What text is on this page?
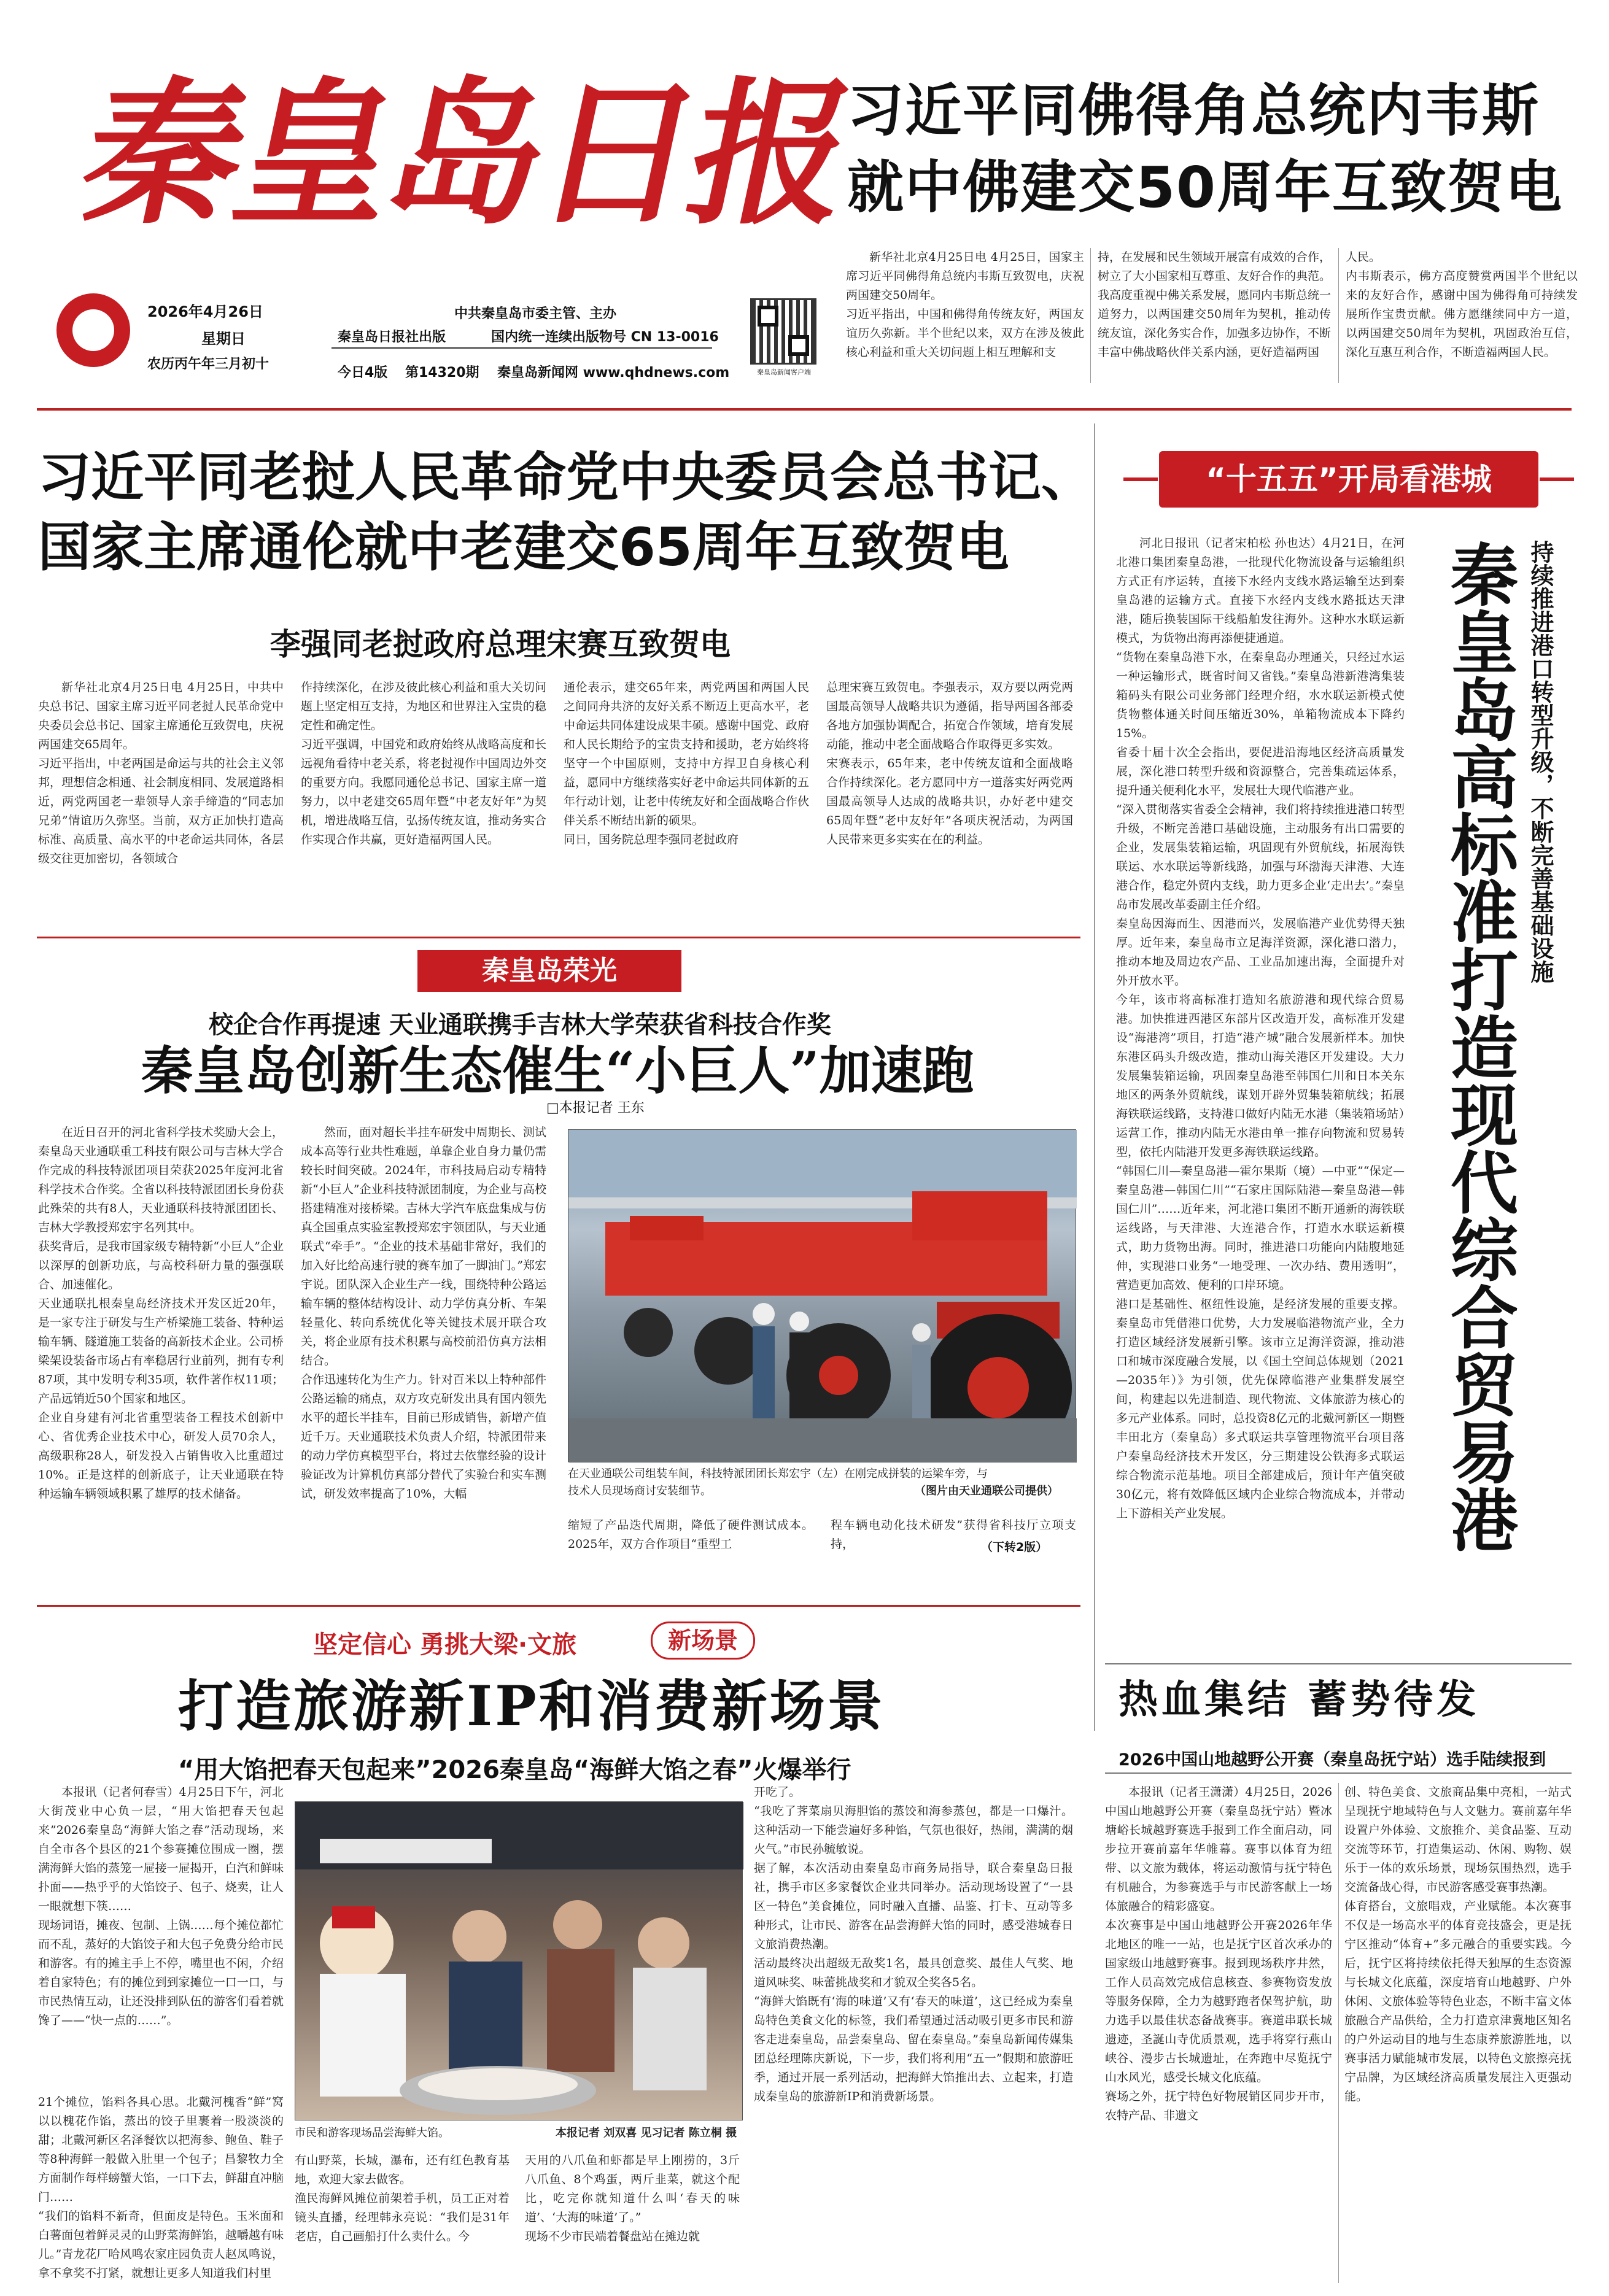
秦皇岛日报
习近平同佛得角总统内韦斯就中佛建交50周年互致贺电
2026年4月26日
星期日
农历丙午年三月初十
中共秦皇岛市委主管、主办
秦皇岛日报社出版	国内统一连续出版物号 CN 13-0016
今日4版 第14320期 秦皇岛新闻网 www.qhdnews.com	秦皇岛新闻客户端
新华社北京4月25日电 4月25日，国家主席习近平同佛得角总统内韦斯互致贺电，庆祝两国建交50周年。
习近平指出，中国和佛得角传统友好，两国友谊历久弥新。半个世纪以来，双方在涉及彼此核心利益和重大关切问题上相互理解和支
持，在发展和民生领域开展富有成效的合作，树立了大小国家相互尊重、友好合作的典范。我高度重视中佛关系发展，愿同内韦斯总统一道努力，以两国建交50周年为契机，推动传统友谊，深化务实合作，加强多边协作，不断丰富中佛战略伙伴关系内涵，更好造福两国
人民。
内韦斯表示，佛方高度赞赏两国半个世纪以来的友好合作，感谢中国为佛得角可持续发展所作宝贵贡献。佛方愿继续同中方一道，以两国建交50周年为契机，巩固政治互信，深化互惠互利合作，不断造福两国人民。
习近平同老挝人民革命党中央委员会总书记、
国家主席通伦就中老建交65周年互致贺电
李强同老挝政府总理宋赛互致贺电
新华社北京4月25日电 4月25日，中共中央总书记、国家主席习近平同老挝人民革命党中央委员会总书记、国家主席通伦互致贺电，庆祝两国建交65周年。
习近平指出，中老两国是命运与共的社会主义邻邦，理想信念相通、社会制度相同、发展道路相近，两党两国老一辈领导人亲手缔造的“同志加兄弟”情谊历久弥坚。当前，双方正加快打造高标准、高质量、高水平的中老命运共同体，各层级交往更加密切，各领域合
作持续深化，在涉及彼此核心利益和重大关切问题上坚定相互支持，为地区和世界注入宝贵的稳定性和确定性。
习近平强调，中国党和政府始终从战略高度和长远视角看待中老关系，将老挝视作中国周边外交的重要方向。我愿同通伦总书记、国家主席一道努力，以中老建交65周年暨“中老友好年”为契机，增进战略互信，弘扬传统友谊，推动务实合作实现合作共赢，更好造福两国人民。
通伦表示，建交65年来，两党两国和两国人民之间同舟共济的友好关系不断迈上更高水平，老中命运共同体建设成果丰硕。感谢中国党、政府和人民长期给予的宝贵支持和援助，老方始终将坚守一个中国原则，支持中方捍卫自身核心利益，愿同中方继续落实好老中命运共同体新的五年行动计划，让老中传统友好和全面战略合作伙伴关系不断结出新的硕果。
同日，国务院总理李强同老挝政府
总理宋赛互致贺电。李强表示，双方要以两党两国最高领导人战略共识为遵循，指导两国各部委各地方加强协调配合，拓宽合作领域，培育发展动能，推动中老全面战略合作取得更多实效。
宋赛表示，65年来，老中传统友谊和全面战略合作持续深化。老方愿同中方一道落实好两党两国最高领导人达成的战略共识，办好老中建交65周年暨“老中友好年”各项庆祝活动，为两国人民带来更多实实在在的利益。
秦皇岛荣光
校企合作再提速 天业通联携手吉林大学荣获省科技合作奖
秦皇岛创新生态催生“小巨人”加速跑
□本报记者 王东
在近日召开的河北省科学技术奖励大会上，秦皇岛天业通联重工科技有限公司与吉林大学合作完成的科技特派团项目荣获2025年度河北省科学技术合作奖。全省以科技特派团团长身份获此殊荣的共有8人，天业通联科技特派团团长、吉林大学教授郑宏宇名列其中。
获奖背后，是我市国家级专精特新“小巨人”企业以深厚的创新功底，与高校科研力量的强强联合、加速催化。
天业通联扎根秦皇岛经济技术开发区近20年，是一家专注于研发与生产桥梁施工装备、特种运输车辆、隧道施工装备的高新技术企业。公司桥梁架设装备市场占有率稳居行业前列，拥有专利87项，其中发明专利35项，软件著作权11项；产品远销近50个国家和地区。
企业自身建有河北省重型装备工程技术创新中心、省优秀企业技术中心，研发人员70余人，高级职称28人，研发投入占销售收入比重超过10%。正是这样的创新底子，让天业通联在特种运输车辆领域积累了雄厚的技术储备。
然而，面对超长半挂车研发中周期长、测试成本高等行业共性难题，单靠企业自身力量仍需较长时间突破。2024年，市科技局启动专精特新“小巨人”企业科技特派团制度，为企业与高校搭建精准对接桥梁。吉林大学汽车底盘集成与仿真全国重点实验室教授郑宏宇领团队，与天业通联式“牵手”。“企业的技术基础非常好，我们的加入好比给高速行驶的赛车加了一脚油门。”郑宏宇说。团队深入企业生产一线，围绕特种公路运输车辆的整体结构设计、动力学仿真分析、车架轻量化、转向系统优化等关键技术展开联合攻关，将企业原有技术积累与高校前沿仿真方法相结合。
合作迅速转化为生产力。针对百米以上特种部件公路运输的痛点，双方攻克研发出具有国内领先水平的超长半挂车，目前已形成销售，新增产值近千万。天业通联技术负责人介绍，特派团带来的动力学仿真模型平台，将过去依靠经验的设计验证改为计算机仿真部分替代了实验台和实车测试，研发效率提高了10%，大幅
在天业通联公司组装车间，科技特派团团长郑宏宇（左）在刚完成拼装的运梁车旁，与技术人员现场商讨安装细节。	（图片由天业通联公司提供）
缩短了产品迭代周期，降低了硬件测试成本。2025年，双方合作项目“重型工
程车辆电动化技术研发”获得省科技厅立项支持，	（下转2版）
“十五五”开局看港城
河北日报讯（记者宋柏松 孙也达）4月21日，在河北港口集团秦皇岛港，一批现代化物流设备与运输组织方式正有序运转，直接下水经内支线水路运输至达到秦皇岛港的运输方式。直接下水经内支线水路抵达天津港，随后换装国际干线船舶发往海外。这种水水联运新模式，为货物出海再添便捷通道。
“货物在秦皇岛港下水，在秦皇岛办理通关，只经过水运一种运输形式，既省时间又省钱。”秦皇岛港新港湾集装箱码头有限公司业务部门经理介绍，水水联运新模式使货物整体通关时间压缩近30%，单箱物流成本下降约15%。
省委十届十次全会指出，要促进沿海地区经济高质量发展，深化港口转型升级和资源整合，完善集疏运体系，提升通关便利化水平，发展壮大现代临港产业。
“深入贯彻落实省委全会精神，我们将持续推进港口转型升级，不断完善港口基础设施，主动服务有出口需要的企业，发展集装箱运输，巩固现有外贸航线，拓展海铁联运、水水联运等新线路，加强与环渤海天津港、大连港合作，稳定外贸内支线，助力更多企业‘走出去’。”秦皇岛市发展改革委副主任介绍。
秦皇岛因海而生、因港而兴，发展临港产业优势得天独厚。近年来，秦皇岛市立足海洋资源，深化港口潜力，推动本地及周边农产品、工业品加速出海，全面提升对外开放水平。
今年，该市将高标准打造知名旅游港和现代综合贸易港。加快推进西港区东部片区改造开发，高标准开发建设“海港湾”项目，打造“港产城”融合发展新样本。加快东港区码头升级改造，推动山海关港区开发建设。大力发展集装箱运输，巩固秦皇岛港至韩国仁川和日本关东地区的两条外贸航线，谋划开辟外贸集装箱航线；拓展海铁联运线路，支持港口做好内陆无水港（集装箱场站）运营工作，推动内陆无水港由单一推存向物流和贸易转型，依托内陆港开发更多海铁联运线路。
“韩国仁川—秦皇岛港—霍尔果斯（境）—中亚”“保定—秦皇岛港—韩国仁川”“石家庄国际陆港—秦皇岛港—韩国仁川”……近年来，河北港口集团不断开通新的海铁联运线路，与天津港、大连港合作，打造水水联运新模式，助力货物出海。同时，推进港口功能向内陆腹地延伸，实现港口业务“一地受理、一次办结、费用透明”，营造更加高效、便利的口岸环境。
港口是基础性、枢纽性设施，是经济发展的重要支撑。秦皇岛市凭借港口优势，大力发展临港物流产业，全力打造区域经济发展新引擎。该市立足海洋资源，推动港口和城市深度融合发展，以《国土空间总体规划（2021—2035年）》为引领，优先保障临港产业集群发展空间，构建起以先进制造、现代物流、文体旅游为核心的多元产业体系。同时，总投资8亿元的北戴河新区一期暨丰田北方（秦皇岛）多式联运共享管理物流平台项目落户秦皇岛经济技术开发区，分三期建设公铁海多式联运综合物流示范基地。项目全部建成后，预计年产值突破30亿元，将有效降低区域内企业综合物流成本，并带动上下游相关产业发展。
持续推进港口转型升级，不断完善基础设施
秦皇岛高标准打造现代综合贸易港
坚定信心 勇挑大梁·文旅	新场景
打造旅游新IP和消费新场景
“用大馅把春天包起来”2026秦皇岛“海鲜大馅之春”火爆举行
本报讯（记者何春雪）4月25日下午，河北大街茂业中心负一层，“用大馅把春天包起来”2026秦皇岛“海鲜大馅之春”活动现场，来自全市各个县区的21个参赛摊位围成一圈，摆满海鲜大馅的蒸笼一屉接一屉揭开，白汽和鲜味扑面——热乎乎的大馅饺子、包子、烧卖，让人一眼就想下筷……
现场词语，摊夜、包制、上锅……每个摊位都忙而不乱，蒸好的大馅饺子和大包子免费分给市民和游客。有的摊主手上不停，嘴里也不闲，介绍着自家特色；有的摊位到到家摊位一口一口，与市民热情互动，让还没排到队伍的游客们看着就馋了——“快一点的……”。
市民和游客现场品尝海鲜大馅。	本报记者 刘双喜 见习记者 陈立桐 摄
21个摊位，馅料各具心思。北戴河槐香“鲜”窝以以槐花作馅，蒸出的饺子里裹着一股淡淡的甜；北戴河新区名泽餐饮以把海参、鲍鱼、鞋子等8种海鲜一般做入肚里一个包子；昌黎牧力全方面制作每样螃蟹大馅，一口下去，鲜甜直冲脑门……
“我们的馅料不新奇，但面皮是特色。玉米面和白薯面包着鲜灵灵的山野菜海鲜馅，越嚼越有味儿。”青龙花厂哈风鸣农家庄园负责人赵凤鸣说，拿不拿奖不打紧，就想让更多人知道我们村里
有山野菜，长城，瀑布，还有红色教育基地，欢迎大家去做客。
渔民海鲜风摊位前架着手机，员工正对着镜头直播，经理韩永亮说：“我们是31年老店，自己画船打什么卖什么。今
天用的八爪鱼和虾都是早上刚捞的，3斤八爪鱼、8个鸡蛋，两斤韭菜，就这个配比，吃完你就知道什么叫‘春天的味道’、‘大海的味道’了。”
现场不少市民端着餐盘站在摊边就
开吃了。
“我吃了荠菜扇贝海胆馅的蒸饺和海参蒸包，都是一口爆汁。这种活动一下能尝遍好多种馅，气氛也很好，热闹，满满的烟火气。”市民孙毓敏说。
据了解，本次活动由秦皇岛市商务局指导，联合秦皇岛日报社，携手市区多家餐饮企业共同举办。活动现场设置了“一县区一特色”美食摊位，同时融入直播、品鉴、打卡、互动等多种形式，让市民、游客在品尝海鲜大馅的同时，感受港城春日文旅消费热潮。
活动最终决出超级无敌奖1名，最具创意奖、最佳人气奖、地道风味奖、味蕾挑战奖和才貌双全奖各5名。
“海鲜大馅既有‘海的味道’又有‘春天的味道’，这已经成为秦皇岛特色美食文化的标签，我们希望通过活动吸引更多市民和游客走进秦皇岛，品尝秦皇岛、留在秦皇岛。”秦皇岛新闻传媒集团总经理陈庆新说，下一步，我们将利用“五一”假期和旅游旺季，通过开展一系列活动，把海鲜大馅推出去、立起来，打造成秦皇岛的旅游新IP和消费新场景。
热血集结 蓄势待发
2026中国山地越野公开赛（秦皇岛抚宁站）选手陆续报到
本报讯（记者王潇潇）4月25日，2026中国山地越野公开赛（秦皇岛抚宁站）暨冰塘峪长城越野赛选手报到工作全面启动，同步拉开赛前嘉年华帷幕。赛事以体育为纽带、以文旅为载体，将运动激情与抚宁特色有机融合，为参赛选手与市民游客献上一场体旅融合的精彩盛宴。
本次赛事是中国山地越野公开赛2026年华北地区的唯一一站，也是抚宁区首次承办的国家级山地越野赛事。报到现场秩序井然，工作人员高效完成信息核查、参赛物资发放等服务保障，全力为越野跑者保驾护航，助力选手以最佳状态备战赛事。赛道串联长城遗迹，圣誕山寺优质景观，选手将穿行燕山峡谷、漫步古长城遗址，在奔跑中尽览抚宁山水风光，感受长城文化底蕴。
赛场之外，抚宁特色好物展销区同步开市，农特产品、非遗文
创、特色美食、文旅商品集中亮相，一站式呈现抚宁地域特色与人文魅力。赛前嘉年华设置户外体验、文旅推介、美食品鉴、互动交流等环节，打造集运动、休闲、购物、娱乐于一体的欢乐场景，现场氛围热烈，选手交流备战心得，市民游客感受赛事热潮。
体育搭台，文旅唱戏，产业赋能。本次赛事不仅是一场高水平的体育竞技盛会，更是抚宁区推动“体育+”多元融合的重要实践。今后，抚宁区将持续依托得天独厚的生态资源与长城文化底蕴，深度培育山地越野、户外休闲、文旅体验等特色业态，不断丰富文体旅融合产品供给，全力打造京津冀地区知名的户外运动目的地与生态康养旅游胜地，以赛事活力赋能城市发展，以特色文旅擦亮抚宁品牌，为区域经济高质量发展注入更强动能。
